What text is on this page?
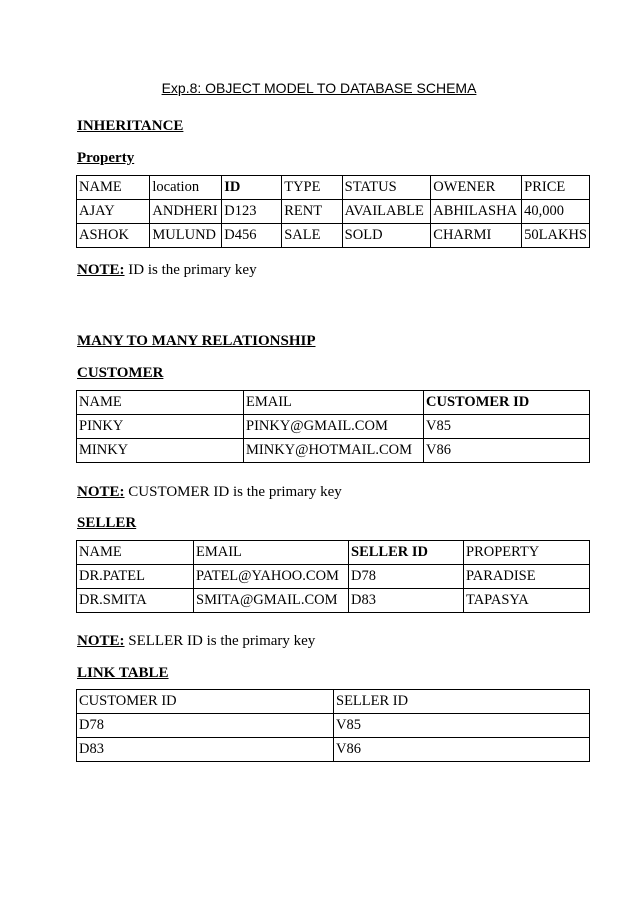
Exp.8: OBJECT MODEL TO DATABASE SCHEMA
INHERITANCE
Property
NAME	location	ID	TYPE	STATUS	OWENER	PRICE
AJAY	ANDHERI	D123	RENT	AVAILABLE	ABHILASHA	40,000
ASHOK	MULUND	D456	SALE	SOLD	CHARMI	50LAKHS
NOTE: ID is the primary key
MANY TO MANY RELATIONSHIP
CUSTOMER
NAME	EMAIL	CUSTOMER ID
PINKY	PINKY@GMAIL.COM	V85
MINKY	MINKY@HOTMAIL.COM	V86
NOTE: CUSTOMER ID is the primary key
SELLER
NAME	EMAIL	SELLER ID	PROPERTY
DR.PATEL	PATEL@YAHOO.COM	D78	PARADISE
DR.SMITA	SMITA@GMAIL.COM	D83	TAPASYA
NOTE: SELLER ID is the primary key
LINK TABLE
CUSTOMER ID	SELLER ID
D78	V85
D83	V86
